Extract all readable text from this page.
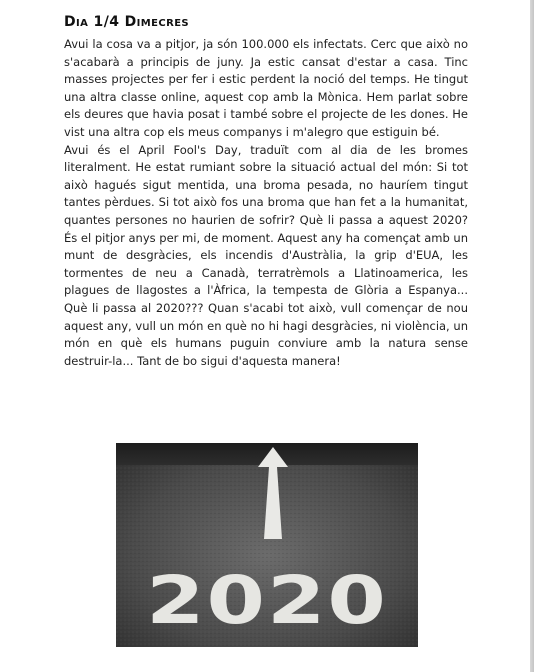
Dia 1/4 Dimecres

Avui la cosa va a pitjor, ja són 100.000 els infectats. Cerc que això no s'acabarà a principis de juny. Ja estic cansat d'estar a casa. Tinc masses projectes per fer i estic perdent la noció del temps. He tingut una altra classe online, aquest cop amb la Mònica. Hem parlat sobre els deures que havia posat i també sobre el projecte de les dones. He vist una altra cop els meus companys i m'alegro que estiguin bé.

Avui és el April Fool's Day, traduït com al dia de les bromes literalment. He estat rumiant sobre la situació actual del món: Si tot això hagués sigut mentida, una broma pesada, no hauríem tingut tantes pèrdues. Si tot això fos una broma que han fet a la humanitat, quantes persones no haurien de sofrir? Què li passa a aquest 2020? És el pitjor anys per mi, de moment. Aquest any ha començat amb un munt de desgràcies, els incendis d'Austràlia, la grip d'EUA, les tormentes de neu a Canadà, terratrèmols a Llatinoamerica, les plagues de llagostes a l'Àfrica, la tempesta de Glòria a Espanya... Què li passa al 2020??? Quan s'acabi tot això, vull començar de nou aquest any, vull un món en què no hi hagi desgràcies, ni violència, un món en què els humans puguin conviure amb la natura sense destruir-la... Tant de bo sigui d'aquesta manera!

2020
